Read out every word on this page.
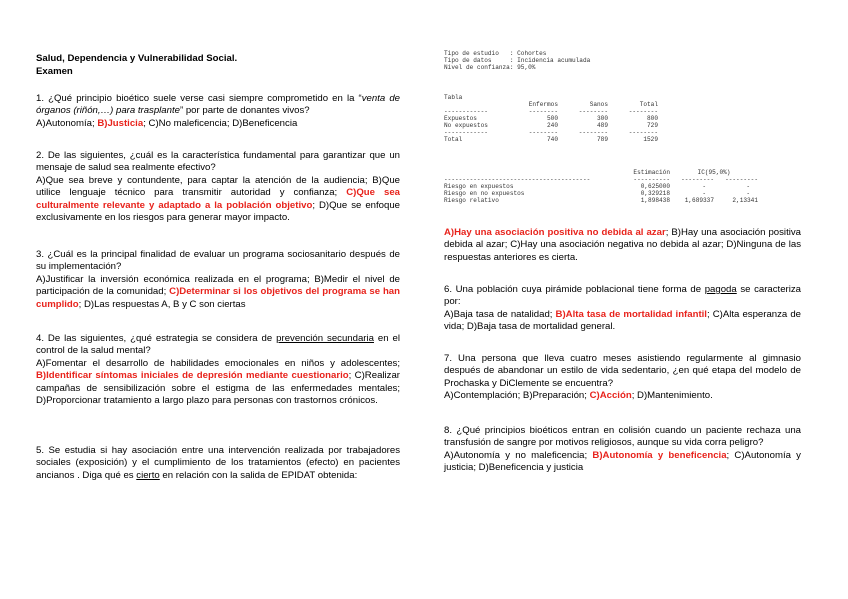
Salud, Dependencia y Vulnerabilidad Social.
Examen

1. ¿Qué principio bioético suele verse casi siempre comprometido en la “venta de órganos (riñón,…) para trasplante” por parte de donantes vivos?

A)Autonomía; B)Justicia; C)No maleficencia; D)Beneficencia

2. De las siguientes, ¿cuál es la característica fundamental para garantizar que un mensaje de salud sea realmente efectivo?

A)Que sea breve y contundente, para captar la atención de la audiencia; B)Que utilice lenguaje técnico para transmitir autoridad y confianza; C)Que sea culturalmente relevante y adaptado a la población objetivo; D)Que se enfoque exclusivamente en los riesgos para generar mayor impacto.

3. ¿Cuál es la principal finalidad de evaluar un programa sociosanitario después de su implementación?

A)Justificar la inversión económica realizada en el programa; B)Medir el nivel de participación de la comunidad; C)Determinar si los objetivos del programa se han cumplido; D)Las respuestas A, B y C son ciertas

4. De las siguientes, ¿qué estrategia se considera de prevención secundaria en el control de la salud mental?

A)Fomentar el desarrollo de habilidades emocionales en niños y adolescentes; B)Identificar síntomas iniciales de depresión mediante cuestionario; C)Realizar campañas de sensibilización sobre el estigma de las enfermedades mentales; D)Proporcionar tratamiento a largo plazo para personas con trastornos crónicos.

5. Se estudia si hay asociación entre una intervención realizada por trabajadores sociales (exposición) y el cumplimiento de los tratamientos (efecto) en pacientes ancianos . Diga qué es cierto en relación con la salida de EPIDAT obtenida:

Tipo de estudio   : Cohortes
Tipo de datos     : Incidencia acumulada
Nivel de confianza: 95,0%
Tabla
	Enfermos	Sanos	Total
------------	--------	--------	--------
Expuestos	500	300	800
No expuestos	240	489	729
------------	--------	--------	--------
Total	740	789	1529
	Estimación	IC(95,0%)	
----------------------------------------	----------	---------	---------
Riesgo en expuestos	0,625000	-	-
Riesgo en no expuestos	0,329218	-	-
Riesgo relativo	1,898438	1,689337	2,13341

A)Hay una asociación positiva no debida al azar; B)Hay una asociación positiva debida al azar; C)Hay una asociación negativa no debida al azar; D)Ninguna de las respuestas anteriores es cierta.

6. Una población cuya pirámide poblacional tiene forma de pagoda se caracteriza por:

A)Baja tasa de natalidad; B)Alta tasa de mortalidad infantil; C)Alta esperanza de vida; D)Baja tasa de mortalidad general.

7. Una persona que lleva cuatro meses asistiendo regularmente al gimnasio después de abandonar un estilo de vida sedentario, ¿en qué etapa del modelo de Prochaska y DiClemente se encuentra?

A)Contemplación; B)Preparación; C)Acción; D)Mantenimiento.

8. ¿Qué principios bioéticos entran en colisión cuando un paciente rechaza una transfusión de sangre por motivos religiosos, aunque su vida corra peligro?

A)Autonomía y no maleficencia; B)Autonomía y beneficencia; C)Autonomía y justicia; D)Beneficencia y justicia
